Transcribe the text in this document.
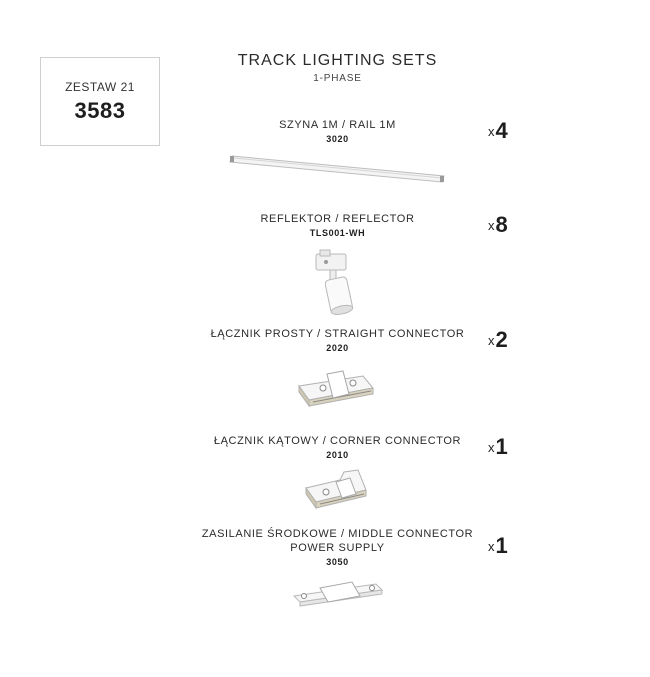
ZESTAW 21
3583
TRACK LIGHTING SETS
1-PHASE
SZYNA 1M / RAIL 1M
3020	$^x$4
REFLEKTOR / REFLECTOR
TLS001-WH	$^x$8
ŁĄCZNIK PROSTY / STRAIGHT CONNECTOR
2020	$^x$2
ŁĄCZNIK KĄTOWY / CORNER CONNECTOR
2010	$^x$1
ZASILANIE ŚRODKOWE / MIDDLE CONNECTOR
POWER SUPPLY
3050
$^x$1
